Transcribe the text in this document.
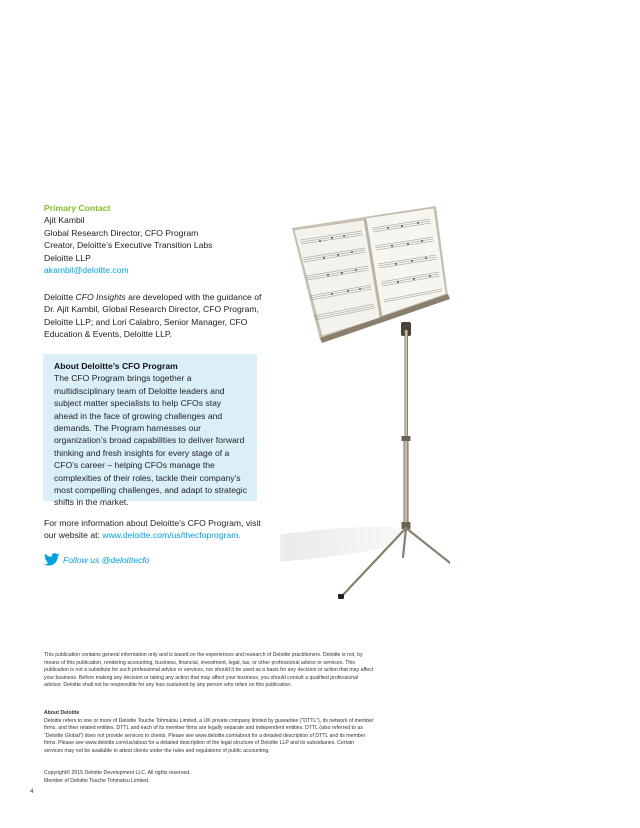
Primary Contact
Ajit Kambil
Global Research Director, CFO Program
Creator, Deloitte’s Executive Transition Labs
Deloitte LLP
akambil@deloitte.com
Deloitte CFO Insights are developed with the guidance of Dr. Ajit Kambil, Global Research Director, CFO Program, Deloitte LLP; and Lori Calabro, Senior Manager, CFO Education & Events, Deloitte LLP.
About Deloitte’s CFO Program
The CFO Program brings together a multidisciplinary team of Deloitte leaders and subject matter specialists to help CFOs stay ahead in the face of growing challenges and demands. The Program harnesses our organization’s broad capabilities to deliver forward thinking and fresh insights for every stage of a CFO’s career – helping CFOs manage the complexities of their roles, tackle their company’s most compelling challenges, and adapt to strategic shifts in the market.
For more information about Deloitte’s CFO Program, visit our website at: www.deloitte.com/us/thecfoprogram.
Follow us @deloittecfo
This publication contains general information only and is based on the experiences and research of Deloitte practitioners. Deloitte is not, by means of this publication, rendering accounting, business, financial, investment, legal, tax, or other professional advice or services. This publication is not a substitute for such professional advice or services, nor should it be used as a basis for any decision or action that may affect your business. Before making any decision or taking any action that may affect your business, you should consult a qualified professional advisor. Deloitte shall not be responsible for any loss sustained by any person who relies on this publication.
About Deloitte
Deloitte refers to one or more of Deloitte Touche Tohmatsu Limited, a UK private company limited by guarantee (“DTTL”), its network of member firms, and their related entities. DTTL and each of its member firms are legally separate and independent entities. DTTL (also referred to as “Deloitte Global”) does not provide services to clients. Please see www.deloitte.com/about for a detailed description of DTTL and its member firms. Please see www.deloitte.com/us/about for a detailed description of the legal structure of Deloitte LLP and its subsidiaries. Certain services may not be available to attest clients under the rules and regulations of public accounting.
Copyright© 2015 Deloitte Development LLC. All rights reserved.
Member of Deloitte Touche Tohmatsu Limited.
4
